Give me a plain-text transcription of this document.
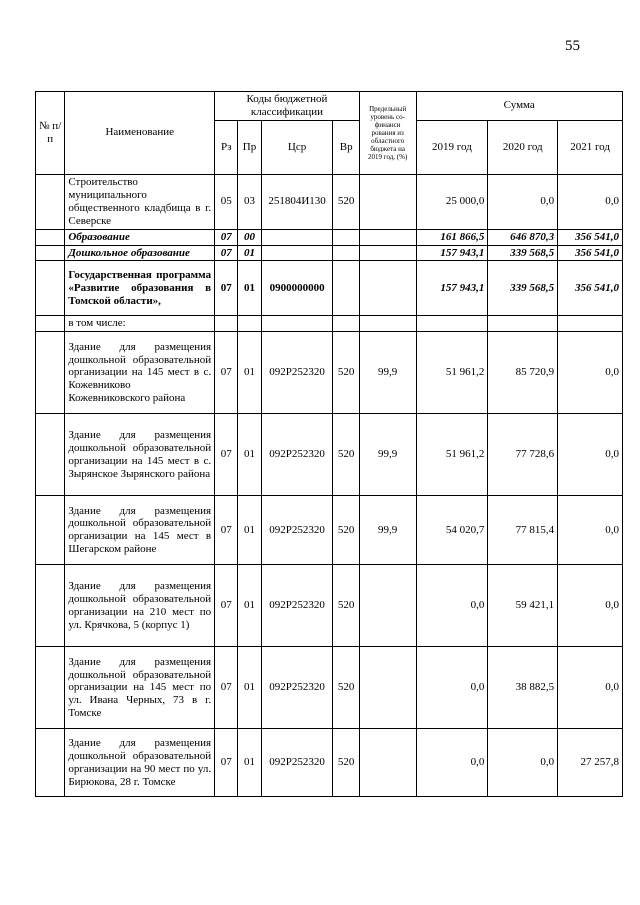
55
№ п/п	Наименование	Коды бюджетной классификации				Предельный уровень со-финанси рования из областного бюджета на 2019 год, (%)	Сумма		
		Рз	Пр	Цср	Вр		2019 год	2020 год	2021 год
	Строительство муниципального общественного кладбища в г. Северске	05	03	251804И130	520		25 000,0	0,0	0,0
	Образование	07	00				161 866,5	646 870,3	356 541,0
	Дошкольное образование	07	01				157 943,1	339 568,5	356 541,0
	Государственная программа «Развитие образования в Томской области»,	07	01	0900000000			157 943,1	339 568,5	356 541,0
	в том числе:								
	Здание для размещения дошкольной образовательной организации на 145 мест в с. Кожевниково Кожевниковского района	07	01	092P252320	520	99,9	51 961,2	85 720,9	0,0
	Здание для размещения дошкольной образовательной организации на 145 мест в с. Зырянское Зырянского района	07	01	092P252320	520	99,9	51 961,2	77 728,6	0,0
	Здание для размещения дошкольной образовательной организации на 145 мест в Шегарском районе	07	01	092P252320	520	99,9	54 020,7	77 815,4	0,0
	Здание для размещения дошкольной образовательной организации на 210 мест по ул. Крячкова, 5 (корпус 1)	07	01	092P252320	520		0,0	59 421,1	0,0
	Здание для размещения дошкольной образовательной организации на 145 мест по ул. Ивана Черных, 73 в г. Томске	07	01	092P252320	520		0,0	38 882,5	0,0
	Здание для размещения дошкольной образовательной организации на 90 мест по ул. Бирюкова, 28 г. Томске	07	01	092P252320	520		0,0	0,0	27 257,8
